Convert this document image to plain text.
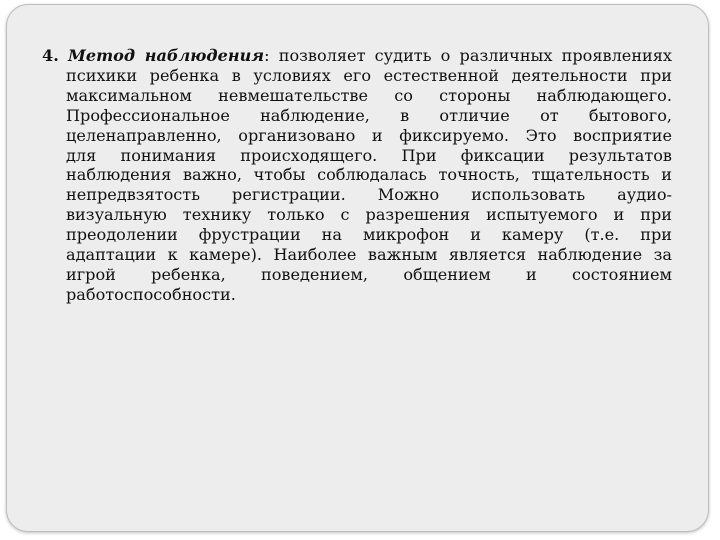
4. Метод наблюдения: позволяет судить о различных проявлениях
психики ребенка в условиях его естественной деятельности при
максимальном невмешательстве со стороны наблюдающего.
Профессиональное наблюдение, в отличие от бытового,
целенаправленно, организовано и фиксируемо. Это восприятие
для понимания происходящего. При фиксации результатов
наблюдения важно, чтобы соблюдалась точность, тщательность и
непредвзятость регистрации. Можно использовать аудио-
визуальную технику только с разрешения испытуемого и при
преодолении фрустрации на микрофон и камеру (т.е. при
адаптации к камере). Наиболее важным является наблюдение за
игрой ребенка, поведением, общением и состоянием
работоспособности.
